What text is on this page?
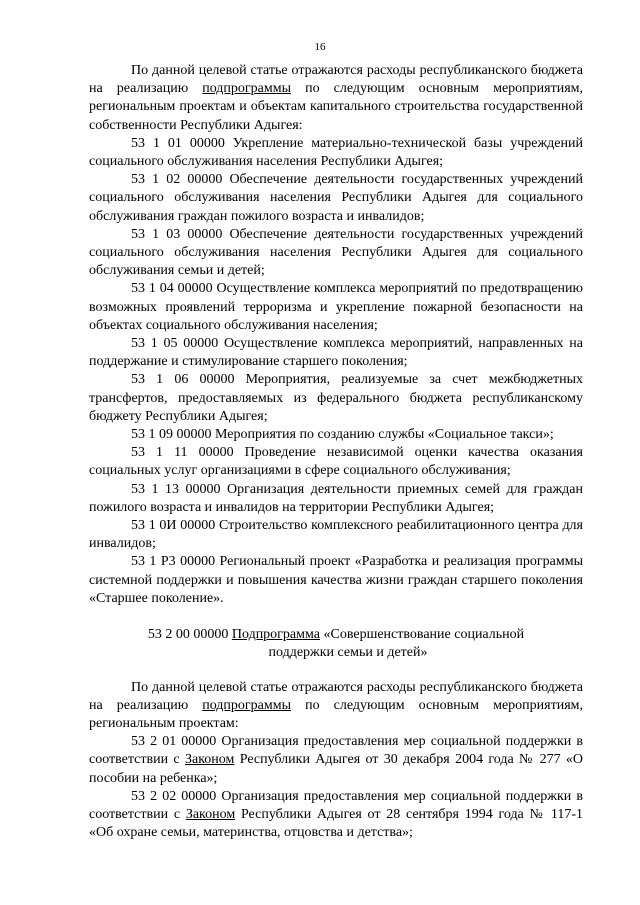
16

По данной целевой статье отражаются расходы республиканского бюджета на реализацию подпрограммы по следующим основным мероприятиям, региональным проектам и объектам капитального строительства государственной собственности Республики Адыгея:

53 1 01 00000 Укрепление материально-технической базы учреждений социального обслуживания населения Республики Адыгея;

53 1 02 00000 Обеспечение деятельности государственных учреждений социального обслуживания населения Республики Адыгея для социального обслуживания граждан пожилого возраста и инвалидов;

53 1 03 00000 Обеспечение деятельности государственных учреждений социального обслуживания населения Республики Адыгея для социального обслуживания семьи и детей;

53 1 04 00000 Осуществление комплекса мероприятий по предотвращению возможных проявлений терроризма и укрепление пожарной безопасности на объектах социального обслуживания населения;

53 1 05 00000 Осуществление комплекса мероприятий, направленных на поддержание и стимулирование старшего поколения;

53 1 06 00000 Мероприятия, реализуемые за счет межбюджетных трансфертов, предоставляемых из федерального бюджета республиканскому бюджету Республики Адыгея;

53 1 09 00000 Мероприятия по созданию службы «Социальное такси»;

53 1 11 00000 Проведение независимой оценки качества оказания социальных услуг организациями в сфере социального обслуживания;

53 1 13 00000 Организация деятельности приемных семей для граждан пожилого возраста и инвалидов на территории Республики Адыгея;

53 1 0И 00000 Строительство комплексного реабилитационного центра для инвалидов;

53 1 P3 00000 Региональный проект «Разработка и реализация программы системной поддержки и повышения качества жизни граждан старшего поколения «Старшее поколение».

53 2 00 00000 Подпрограмма «Совершенствование социальной
поддержки семьи и детей»

По данной целевой статье отражаются расходы республиканского бюджета на реализацию подпрограммы по следующим основным мероприятиям, региональным проектам:

53 2 01 00000 Организация предоставления мер социальной поддержки в соответствии с Законом Республики Адыгея от 30 декабря 2004 года № 277 «О пособии на ребенка»;

53 2 02 00000 Организация предоставления мер социальной поддержки в соответствии с Законом Республики Адыгея от 28 сентября 1994 года № 117-1 «Об охране семьи, материнства, отцовства и детства»;
